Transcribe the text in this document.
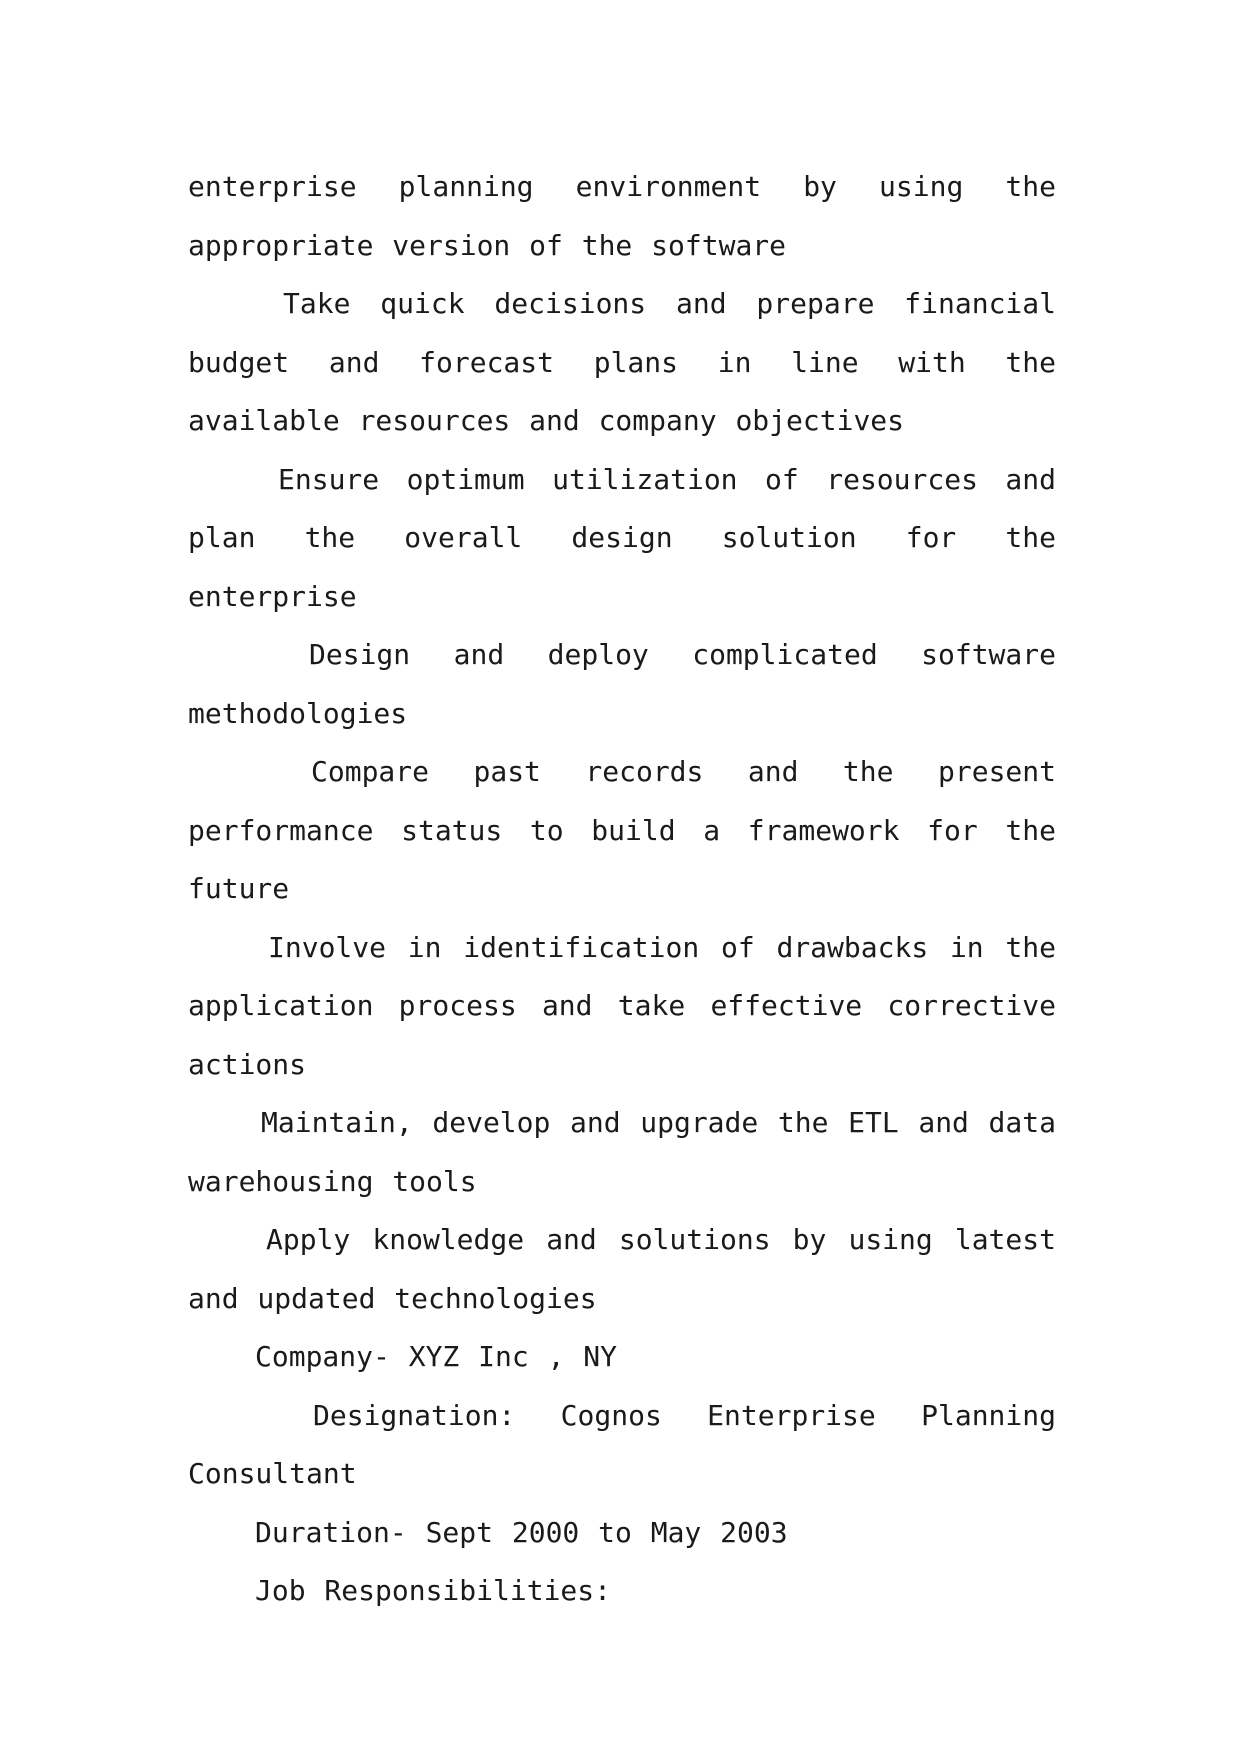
enterprise planning environment by using the appropriate version of the software

Take quick decisions and prepare financial budget and forecast plans in line with the available resources and company objectives

Ensure optimum utilization of resources and plan the overall design solution for the enterprise

Design and deploy complicated software methodologies

Compare past records and the present performance status to build a framework for the future

Involve in identification of drawbacks in the application process and take effective corrective actions

Maintain, develop and upgrade the ETL and data warehousing tools

Apply knowledge and solutions by using latest and updated technologies

Company- XYZ Inc , NY

Designation: Cognos Enterprise Planning Consultant

Duration- Sept 2000 to May 2003

Job Responsibilities:
